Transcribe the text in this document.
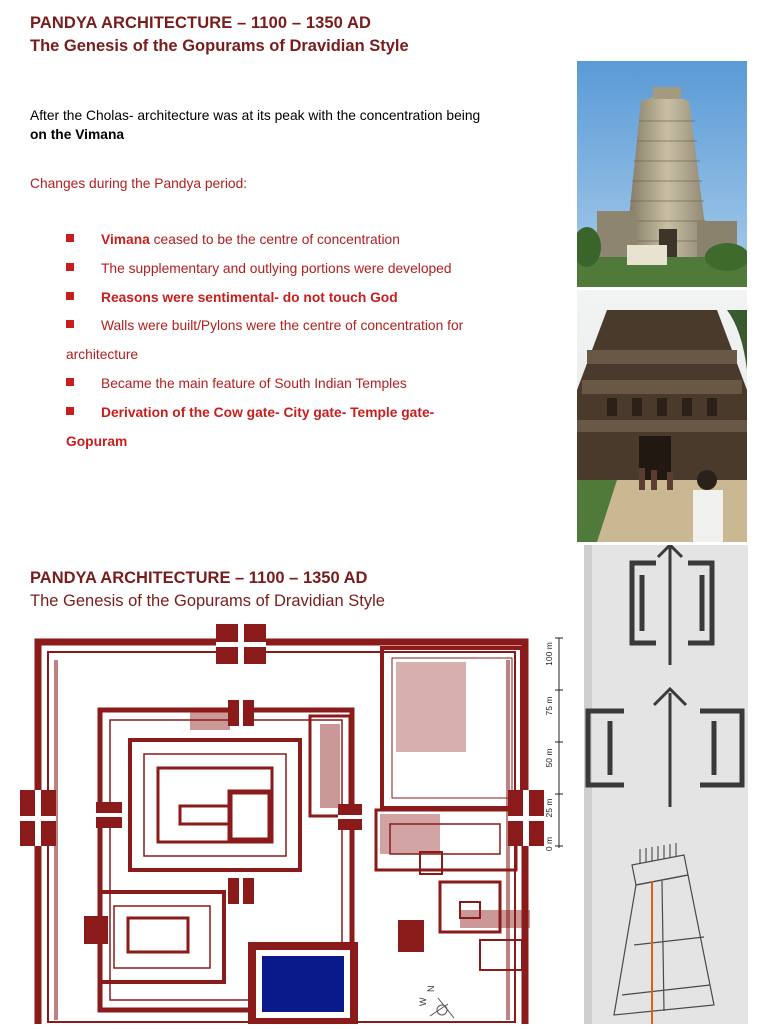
PANDYA ARCHITECTURE – 1100 – 1350 AD
The Genesis of the Gopurams of Dravidian Style
After the Cholas- architecture was at its peak with the concentration being
on the Vimana
Changes during the Pandya period:
Vimana ceased to be the centre of concentration
The supplementary and outlying portions were developed
Reasons were sentimental- do not touch God
Walls were built/Pylons were the centre of concentration for
architecture
Became the main feature of South Indian Temples
Derivation of the Cow gate- City gate- Temple gate-
Gopuram
PANDYA ARCHITECTURE – 1100 – 1350 AD
The Genesis of the Gopurams of Dravidian Style
W
N
100 m
75 m
50 m
25 m
0 m
